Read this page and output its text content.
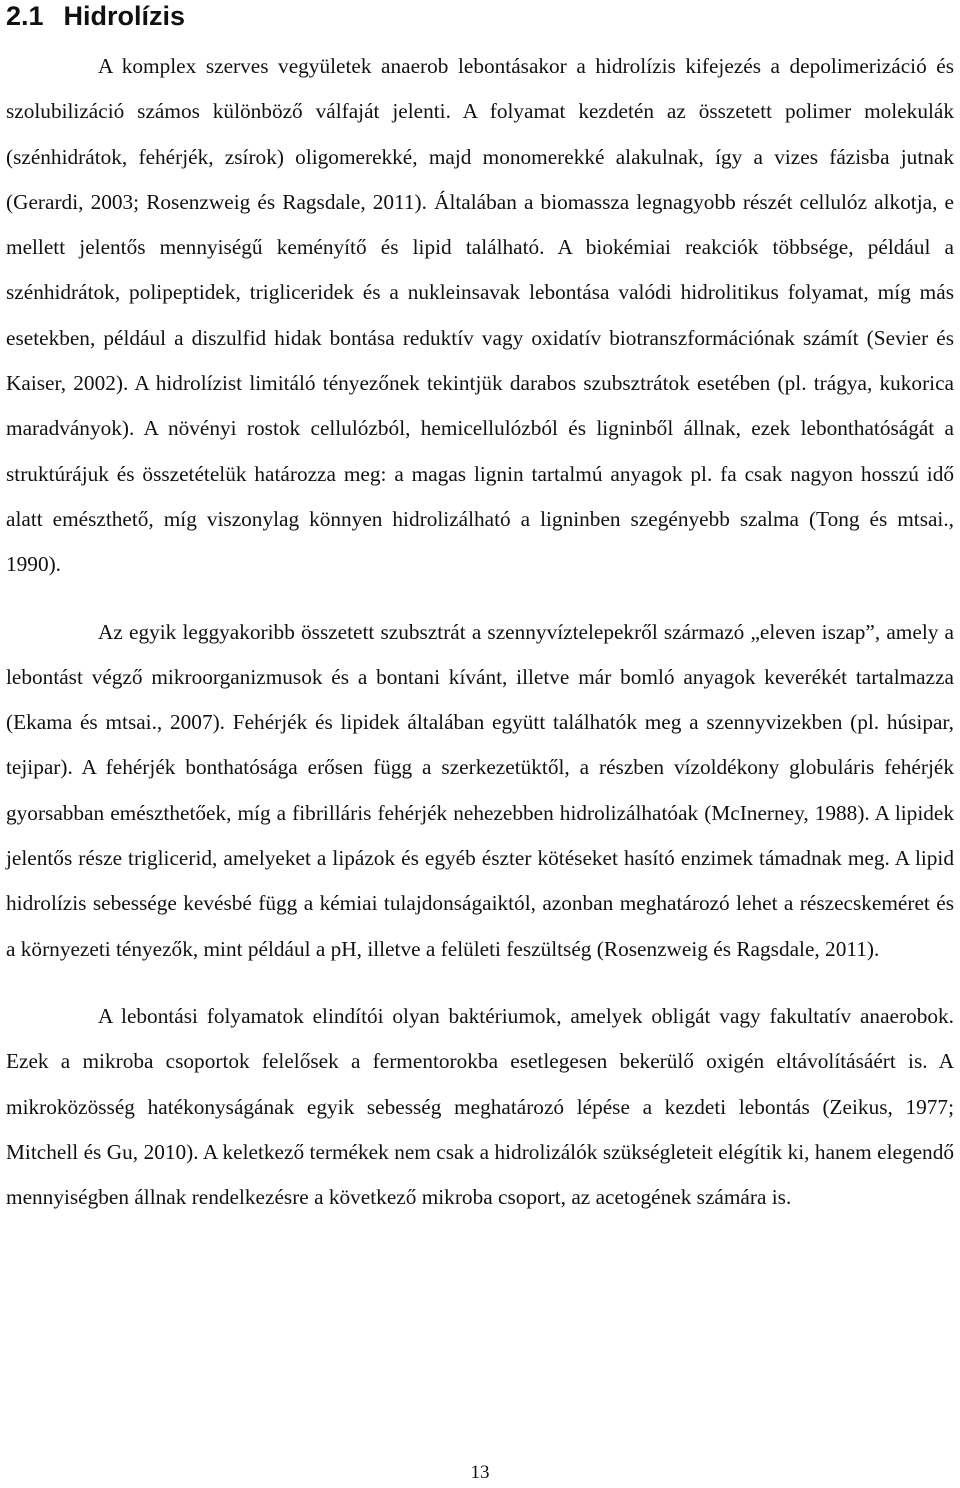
2.1 Hidrolízis

A komplex szerves vegyületek anaerob lebontásakor a hidrolízis kifejezés a depolimerizáció és szolubilizáció számos különböző válfaját jelenti. A folyamat kezdetén az összetett polimer molekulák (szénhidrátok, fehérjék, zsírok) oligomerekké, majd monomerekké alakulnak, így a vizes fázisba jutnak (Gerardi, 2003; Rosenzweig és Ragsdale, 2011). Általában a biomassza legnagyobb részét cellulóz alkotja, e mellett jelentős mennyiségű keményítő és lipid található. A biokémiai reakciók többsége, például a szénhidrátok, polipeptidek, trigliceridek és a nukleinsavak lebontása valódi hidrolitikus folyamat, míg más esetekben, például a diszulfid hidak bontása reduktív vagy oxidatív biotranszformációnak számít (Sevier és Kaiser, 2002). A hidrolízist limitáló tényezőnek tekintjük darabos szubsztrátok esetében (pl. trágya, kukorica maradványok). A növényi rostok cellulózból, hemicellulózból és ligninből állnak, ezek lebonthatóságát a struktúrájuk és összetételük határozza meg: a magas lignin tartalmú anyagok pl. fa csak nagyon hosszú idő alatt emészthető, míg viszonylag könnyen hidrolizálható a ligninben szegényebb szalma (Tong és mtsai., 1990).

Az egyik leggyakoribb összetett szubsztrát a szennyvíztelepekről származó „eleven iszap”, amely a lebontást végző mikroorganizmusok és a bontani kívánt, illetve már bomló anyagok keverékét tartalmazza (Ekama és mtsai., 2007). Fehérjék és lipidek általában együtt találhatók meg a szennyvizekben (pl. húsipar, tejipar). A fehérjék bonthatósága erősen függ a szerkezetüktől, a részben vízoldékony globuláris fehérjék gyorsabban emészthetőek, míg a fibrilláris fehérjék nehezebben hidrolizálhatóak (McInerney, 1988). A lipidek jelentős része triglicerid, amelyeket a lipázok és egyéb észter kötéseket hasító enzimek támadnak meg. A lipid hidrolízis sebessége kevésbé függ a kémiai tulajdonságaiktól, azonban meghatározó lehet a részecskeméret és a környezeti tényezők, mint például a pH, illetve a felületi feszültség (Rosenzweig és Ragsdale, 2011).

A lebontási folyamatok elindítói olyan baktériumok, amelyek obligát vagy fakultatív anaerobok. Ezek a mikroba csoportok felelősek a fermentorokba esetlegesen bekerülő oxigén eltávolításáért is. A mikroközösség hatékonyságának egyik sebesség meghatározó lépése a kezdeti lebontás (Zeikus, 1977; Mitchell és Gu, 2010). A keletkező termékek nem csak a hidrolizálók szükségleteit elégítik ki, hanem elegendő mennyiségben állnak rendelkezésre a következő mikroba csoport, az acetogének számára is.

13
